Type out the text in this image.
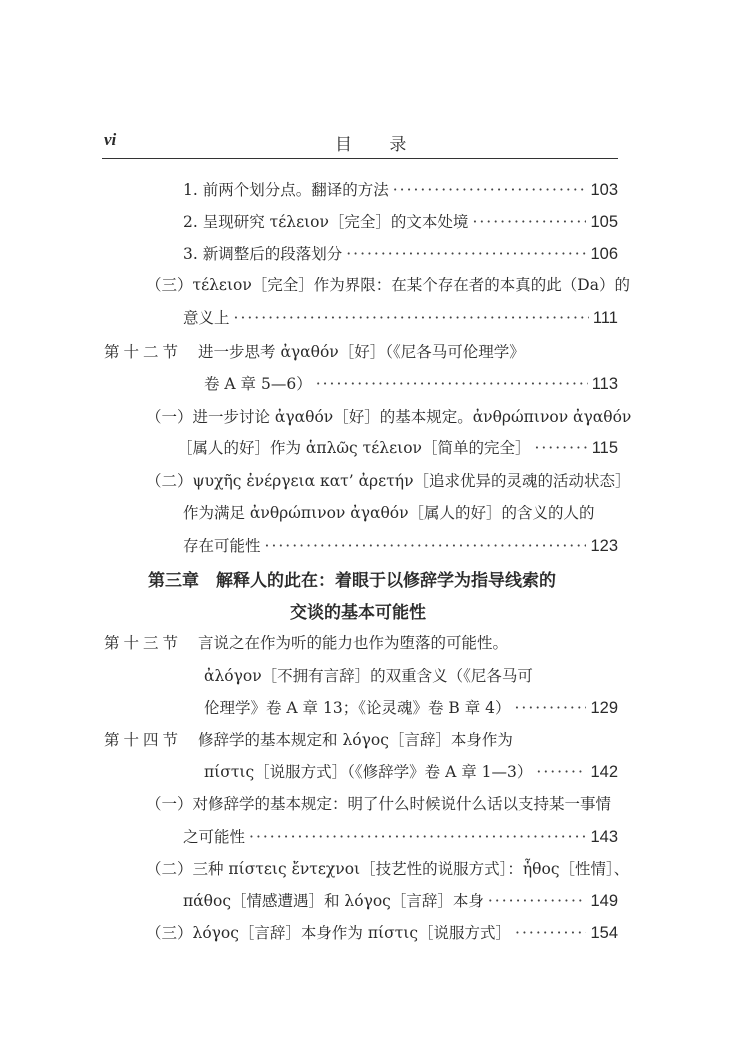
vi	目 录
1. 前两个划分点。翻译的方法 ·····	103
2. 呈现研究 τέλειον［完全］的文本处境 ·····	105
3. 新调整后的段落划分 ·····	106
（三）τέλειον［完全］作为界限：在某个存在者的本真的此（Da）的
意义上 ·····	111
第十二节 进一步思考 ἀγαθόν［好］（《尼各马可伦理学》
卷 A 章 5—6） ·····	113
（一）进一步讨论 ἀγαθόν［好］的基本规定。ἀνθρώπινον ἀγαθόν
［属人的好］作为 ἁπλῶς τέλειον［简单的完全］ ·····	115
（二）ψυχῆς ἐνέργεια κατ’ ἀρετήν［追求优异的灵魂的活动状态］
作为满足 ἀνθρώπινον ἀγαθόν［属人的好］的含义的人的
存在可能性 ·····	123
第三章　解释人的此在：着眼于以修辞学为指导线索的
交谈的基本可能性
第十三节 言说之在作为听的能力也作为堕落的可能性。
ἀλόγον［不拥有言辞］的双重含义（《尼各马可
伦理学》卷 A 章 13；《论灵魂》卷 B 章 4） ·····	129
第十四节 修辞学的基本规定和 λόγος［言辞］本身作为
πίστις［说服方式］（《修辞学》卷 A 章 1—3） ·····	142
（一）对修辞学的基本规定：明了什么时候说什么话以支持某一事情
之可能性 ·····	143
（二）三种 πίστεις ἔντεχνοι［技艺性的说服方式］：ἦθος［性情］、
πάθος［情感遭遇］和 λόγος［言辞］本身 ·····	149
（三）λόγος［言辞］本身作为 πίστις［说服方式］ ·····	154
